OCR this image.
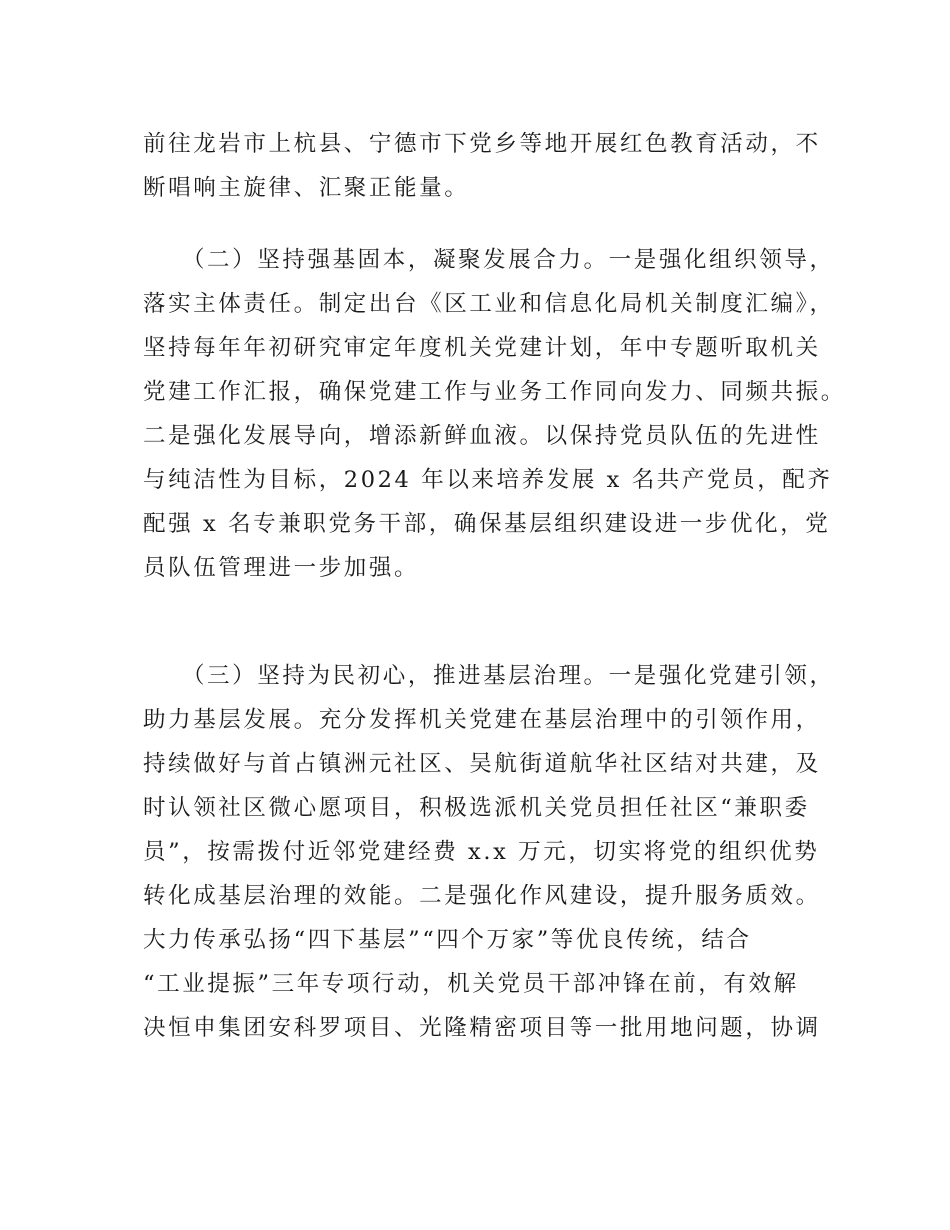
前往龙岩市上杭县、宁德市下党乡等地开展红色教育活动，不
断唱响主旋律、汇聚正能量。
　　（二）坚持强基固本，凝聚发展合力。一是强化组织领导，
落实主体责任。制定出台《区工业和信息化局机关制度汇编》，
坚持每年年初研究审定年度机关党建计划，年中专题听取机关
党建工作汇报，确保党建工作与业务工作同向发力、同频共振。
二是强化发展导向，增添新鲜血液。以保持党员队伍的先进性
与纯洁性为目标，2024 年以来培养发展 x 名共产党员，配齐
配强 x 名专兼职党务干部，确保基层组织建设进一步优化，党
员队伍管理进一步加强。
　　（三）坚持为民初心，推进基层治理。一是强化党建引领，
助力基层发展。充分发挥机关党建在基层治理中的引领作用，
持续做好与首占镇洲元社区、吴航街道航华社区结对共建，及
时认领社区微心愿项目，积极选派机关党员担任社区“兼职委
员”，按需拨付近邻党建经费 x.x 万元，切实将党的组织优势
转化成基层治理的效能。二是强化作风建设，提升服务质效。
大力传承弘扬“四下基层”“四个万家”等优良传统，结合
“工业提振”三年专项行动，机关党员干部冲锋在前，有效解
决恒申集团安科罗项目、光隆精密项目等一批用地问题，协调
